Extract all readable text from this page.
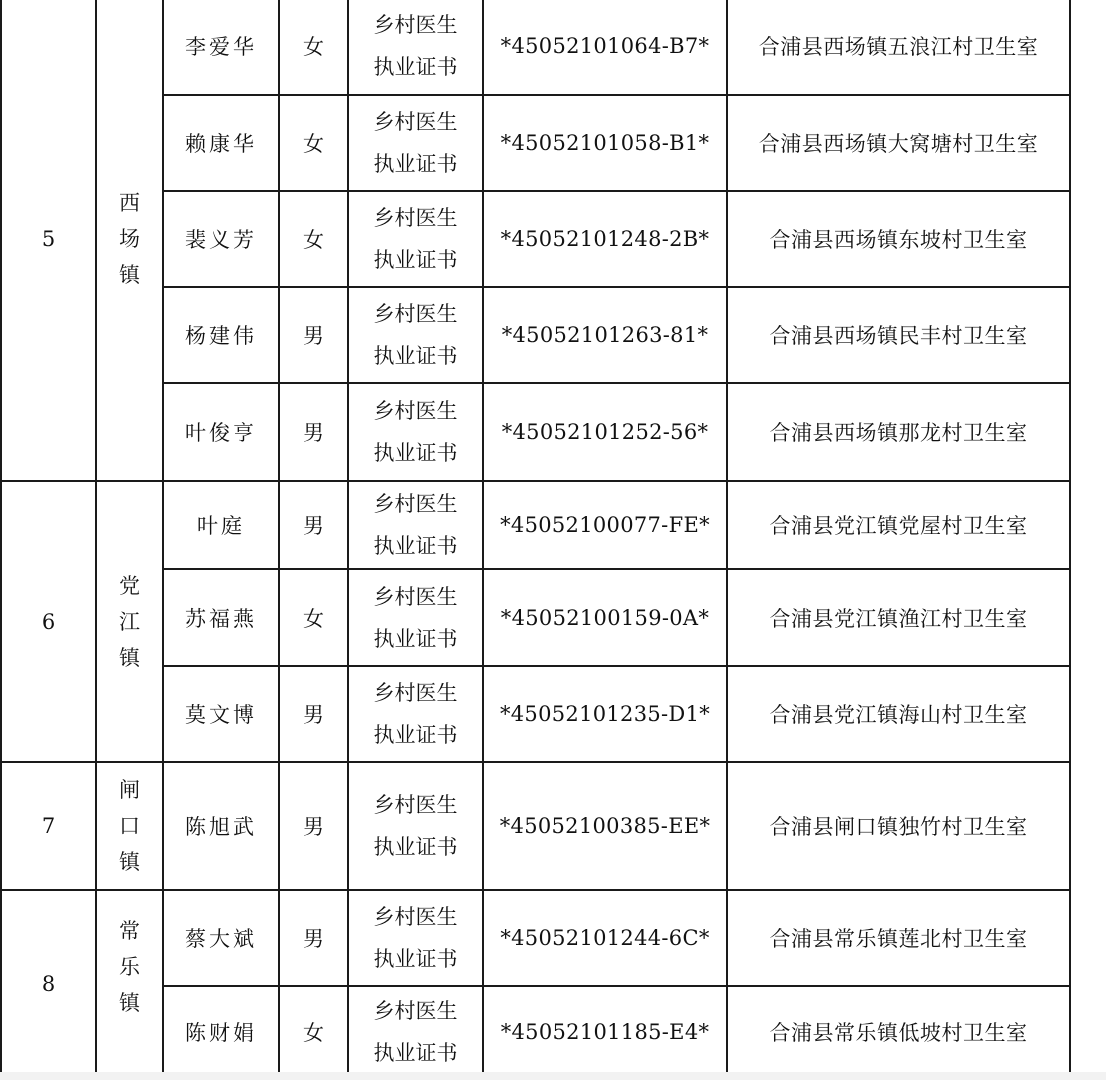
5	西场镇	李爱华	女	乡村医生执业证书	*45052101064-B7*	合浦县西场镇五浪江村卫生室
		赖康华	女	乡村医生执业证书	*45052101058-B1*	合浦县西场镇大窝塘村卫生室
		裴义芳	女	乡村医生执业证书	*45052101248-2B*	合浦县西场镇东坡村卫生室
		杨建伟	男	乡村医生执业证书	*45052101263-81*	合浦县西场镇民丰村卫生室
		叶俊亨	男	乡村医生执业证书	*45052101252-56*	合浦县西场镇那龙村卫生室
6	党江镇	叶庭	男	乡村医生执业证书	*45052100077-FE*	合浦县党江镇党屋村卫生室
		苏福燕	女	乡村医生执业证书	*45052100159-0A*	合浦县党江镇渔江村卫生室
		莫文博	男	乡村医生执业证书	*45052101235-D1*	合浦县党江镇海山村卫生室
7	闸口镇	陈旭武	男	乡村医生执业证书	*45052100385-EE*	合浦县闸口镇独竹村卫生室
8	常乐镇	蔡大斌	男	乡村医生执业证书	*45052101244-6C*	合浦县常乐镇莲北村卫生室
		陈财娟	女	乡村医生执业证书	*45052101185-E4*	合浦县常乐镇低坡村卫生室
